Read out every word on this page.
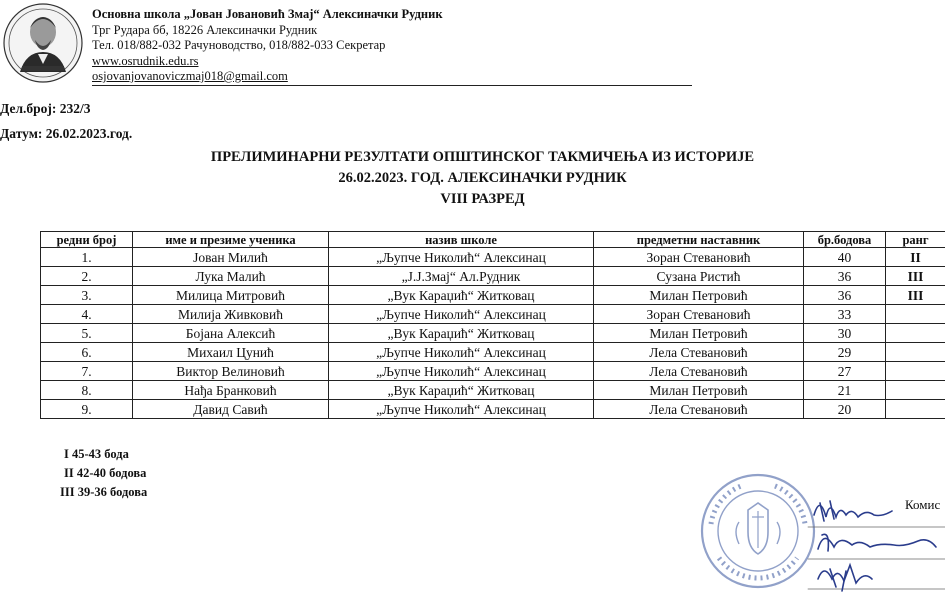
Основна школа „Јован Јовановић Змај“ Алексиначки Рудник
Трг Рудара бб, 18226 Алексиначки Рудник
Тел. 018/882-032 Рачуноводство, 018/882-033 Секретар
www.osrudnik.edu.rs
osjovanjovanoviczmaj018@gmail.com
Дел.број: 232/3
Датум: 26.02.2023.год.
ПРЕЛИМИНАРНИ РЕЗУЛТАТИ ОПШТИНСКОГ ТАКМИЧЕЊА ИЗ ИСТОРИЈЕ
26.02.2023. ГОД. АЛЕКСИНАЧКИ РУДНИК
VIII РАЗРЕД
редни број	име и презиме ученика	назив школе	предметни наставник	бр.бодова	ранг
1.	Јован Милић	„Љупче Николић“ Алексинац	Зоран Стевановић	40	II
2.	Лука Малић	„Ј.Ј.Змај“ Ал.Рудник	Сузана Ристић	36	III
3.	Милица Митровић	„Вук Караџић“ Житковац	Милан Петровић	36	III
4.	Милија Живковић	„Љупче Николић“ Алексинац	Зоран Стевановић	33	
5.	Бојана Алексић	„Вук Караџић“ Житковац	Милан Петровић	30	
6.	Михаил Цунић	„Љупче Николић“ Алексинац	Лела Стевановић	29	
7.	Виктор Велиновић	„Љупче Николић“ Алексинац	Лела Стевановић	27	
8.	Нађа Бранковић	„Вук Караџић“ Житковац	Милан Петровић	21	
9.	Давид Савић	„Љупче Николић“ Алексинац	Лела Стевановић	20	
I 45-43 бода
II 42-40 бодова
III 39-36 бодова
Комис
